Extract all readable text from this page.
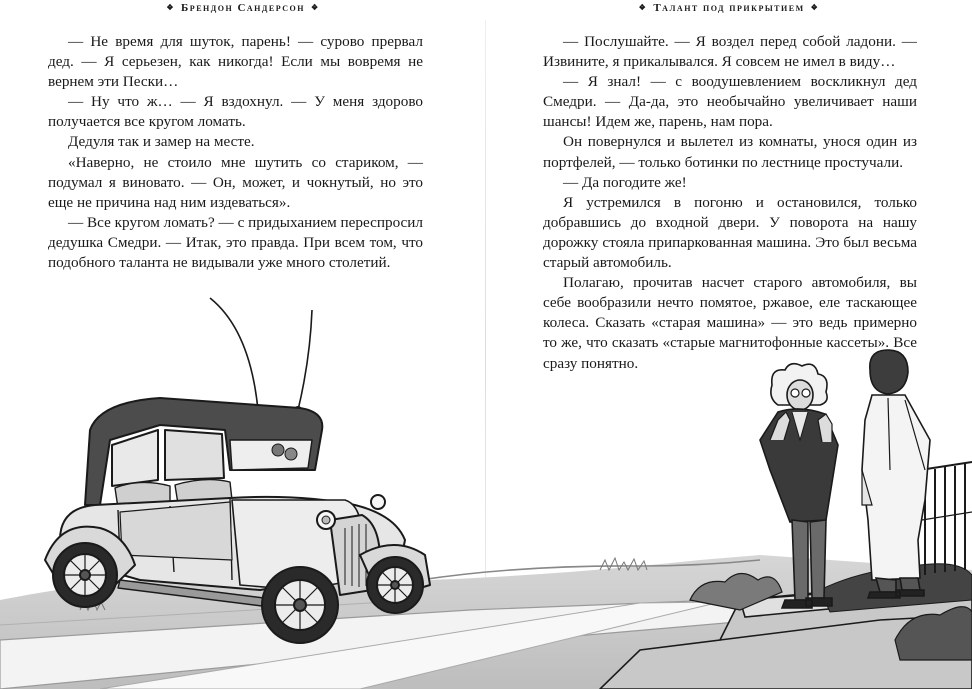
❖ Брендон Сандерсон ❖	❖ Талант под прикрытием ❖

— Не время для шуток, парень! — сурово прервал дед. — Я серьезен, как никогда! Если мы вовремя не вернем эти Пески…

— Ну что ж… — Я вздохнул. — У меня здорово получается все кругом ломать.

Дедуля так и замер на месте.

«Наверно, не стоило мне шутить со стариком, — подумал я виновато. — Он, может, и чокнутый, но это еще не причина над ним издеваться».

— Все кругом ломать? — с придыханием переспросил дедушка Смедри. — Итак, это правда. При всем том, что подобного таланта не видывали уже много столетий.

— Послушайте. — Я воздел перед собой ладони. — Извините, я прикалывался. Я совсем не имел в виду…

— Я знал! — с воодушевлением воскликнул дед Смедри. — Да-да, это необычайно увеличивает наши шансы! Идем же, парень, нам пора.

Он повернулся и вылетел из комнаты, унося один из портфелей, — только ботинки по лестнице простучали.

— Да погодите же!

Я устремился в погоню и остановился, только добравшись до входной двери. У поворота на нашу дорожку стояла припаркованная машина. Это был весьма старый автомобиль.

Полагаю, прочитав насчет старого автомобиля, вы себе вообразили нечто помятое, ржавое, еле таскающее колеса. Сказать «старая машина» — это ведь примерно то же, что сказать «старые магнитофонные кассеты». Все сразу понятно.
